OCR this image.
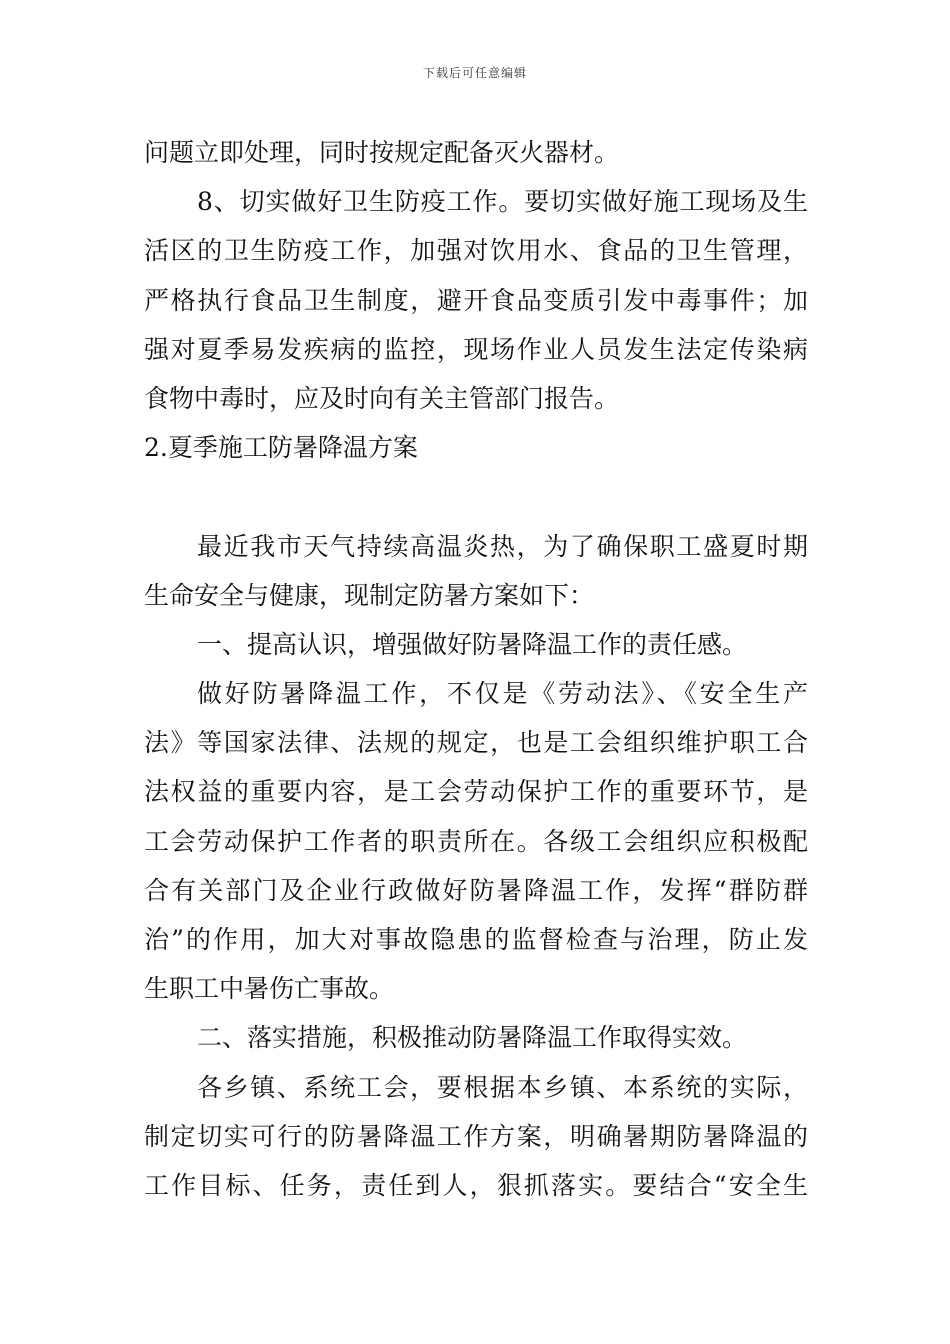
下载后可任意编辑
问题立即处理，同时按规定配备灭火器材。
8、切实做好卫生防疫工作。要切实做好施工现场及生
活区的卫生防疫工作，加强对饮用水、食品的卫生管理，
严格执行食品卫生制度，避开食品变质引发中毒事件；加
强对夏季易发疾病的监控，现场作业人员发生法定传染病
食物中毒时，应及时向有关主管部门报告。
2.夏季施工防暑降温方案
最近我市天气持续高温炎热，为了确保职工盛夏时期
生命安全与健康，现制定防暑方案如下：
一、提高认识，增强做好防暑降温工作的责任感。
做好防暑降温工作，不仅是《劳动法》、《安全生产
法》等国家法律、法规的规定，也是工会组织维护职工合
法权益的重要内容，是工会劳动保护工作的重要环节，是
工会劳动保护工作者的职责所在。各级工会组织应积极配
合有关部门及企业行政做好防暑降温工作，发挥“群防群
治”的作用，加大对事故隐患的监督检查与治理，防止发
生职工中暑伤亡事故。
二、落实措施，积极推动防暑降温工作取得实效。
各乡镇、系统工会，要根据本乡镇、本系统的实际，
制定切实可行的防暑降温工作方案，明确暑期防暑降温的
工作目标、任务，责任到人，狠抓落实。要结合“安全生
